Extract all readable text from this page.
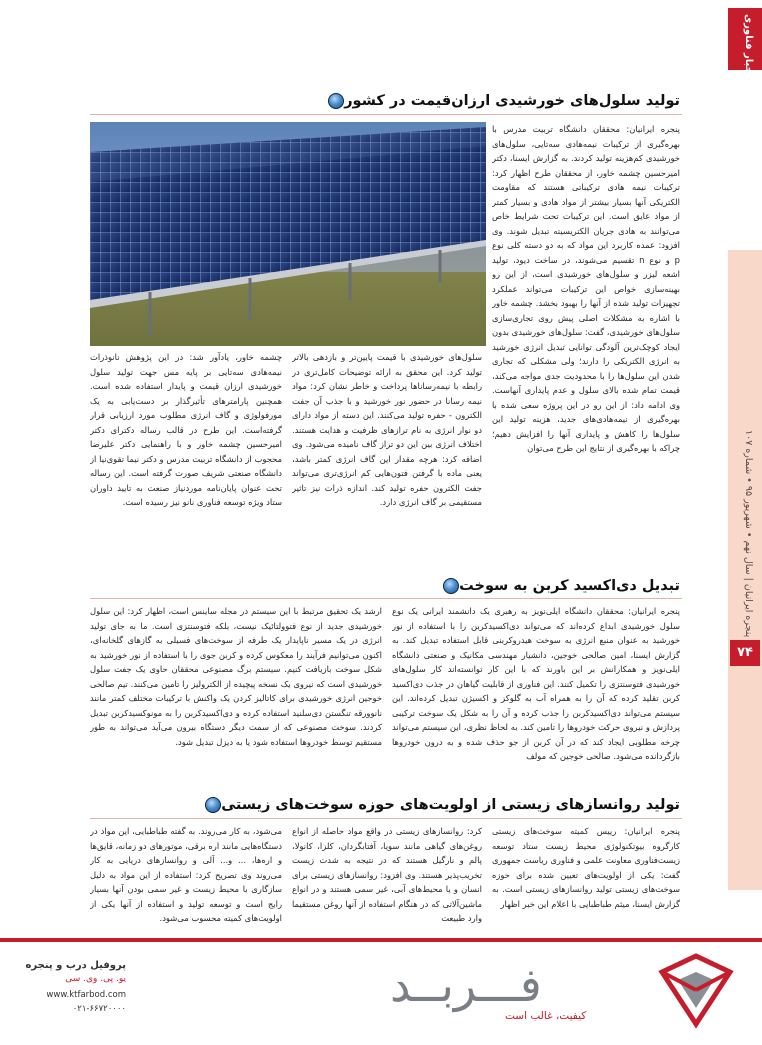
اخبار فناوری
پنجره ایرانیان | سال نهم • شهریور ۹۵ • شماره ۱۰۷
۷۴
تولید سلول‌های خورشیدی ارزان‌قیمت در کشور

پنجره ایرانیان: محققان دانشگاه تربیت مدرس با بهره‌گیری از ترکیبات نیمه‌هادی سه‌تایی، سلول‌های خورشیدی کم‌هزینه تولید کردند. به گزارش ایسنا، دکتر امیرحسین چشمه خاور، از محققان طرح اظهار کرد: ترکیبات نیمه هادی ترکیباتی هستند که مقاومت الکتریکی آنها بسیار بیشتر از مواد هادی و بسیار کمتر از مواد عایق است. این ترکیبات تحت شرایط خاص می‌توانند به هادی جریان الکتریسیته تبدیل شوند. وی افزود: عمده کاربرد این مواد که به دو دسته کلی نوع p و نوع n تقسیم می‌شوند، در ساخت دیود، تولید اشعه لیزر و سلول‌های خورشیدی است، از این رو بهینه‌سازی خواص این ترکیبات می‌تواند عملکرد تجهیزات تولید شده از آنها را بهبود بخشد. چشمه خاور با اشاره به مشکلات اصلی پیش روی تجاری‌سازی سلول‌های خورشیدی، گفت: سلول‌های خورشیدی بدون ایجاد کوچک‌ترین آلودگی توانایی تبدیل انرژی خورشید به انرژی الکتریکی را دارند؛ ولی مشکلی که تجاری شدن این سلول‌ها را با محدودیت جدی مواجه می‌کند، قیمت تمام شده بالای سلول و عدم پایداری آنهاست. وی ادامه داد: از این رو در این پروژه سعی شده با بهره‌گیری از نیمه‌هادی‌های جدید، هزینه تولید این سلول‌ها را کاهش و پایداری آنها را افزایش دهیم؛ چراکه با بهره‌گیری از نتایج این طرح می‌توان

سلول‌های خورشیدی با قیمت پایین‌تر و بازدهی بالاتر تولید کرد. این محقق به ارائه توضیحات کامل‌تری در رابطه با نیمه‌رساناها پرداخت و خاطر نشان کرد: مواد نیمه رسانا در حضور نور خورشید و با جذب آن جفت الکترون - حفره تولید می‌کنند. این دسته از مواد دارای دو نوار انرژی به نام ترازهای ظرفیت و هدایت هستند. اختلاف انرژی بین این دو تراز گاف نامیده می‌شود. وی اضافه کرد: هرچه مقدار این گاف انرژی کمتر باشد، یعنی ماده با گرفتن فتون‌هایی کم انرژی‌تری می‌تواند جفت الکترون حفره تولید کند. اندازه ذرات نیز تاثیر مستقیمی بر گاف انرژی دارد.

چشمه خاور، یادآور شد: در این پژوهش نانوذرات نیمه‌هادی سه‌تایی بر پایه مس جهت تولید سلول خورشیدی ارزان قیمت و پایدار استفاده شده است. همچنین پارامترهای تأثیرگذار بر دست‌یابی به یک مورفولوژی و گاف انرژی مطلوب مورد ارزیابی قرار گرفته‌است. این طرح در قالب رساله دکترای دکتر امیرحسین چشمه خاور و با راهنمایی دکتر علیرضا محجوب از دانشگاه تربیت مدرس و دکتر نیما تقوی‌نیا از دانشگاه صنعتی شریف صورت گرفته است. این رساله تحت عنوان پایان‌نامه موردنیاز صنعت به تایید داوران ستاد ویژه توسعه فناوری نانو نیز رسیده است.

تبدیل دی‌اکسید کربن به سوخت

پنجره ایرانیان: محققان دانشگاه ایلی‌نویز به رهبری یک دانشمند ایرانی یک نوع سلول خورشیدی ابداع کرده‌اند که می‌تواند دی‌اکسیدکربن را با استفاده از نور خورشید به عنوان منبع انرژی به سوخت هیدروکربنی قابل استفاده تبدیل کند. به گزارش ایسنا، امین صالحی خوجین، دانشیار مهندسی مکانیک و صنعتی دانشگاه ایلی‌نویز و همکارانش بر این باورند که با این کار توانسته‌اند کار سلول‌های خورشیدی فتوسنتزی را تکمیل کنند. این فناوری از قابلیت گیاهان در جذب دی‌اکسید کربن تقلید کرده که آن را به همراه آب به گلوکز و اکسیژن تبدیل کرده‌اند. این سیستم می‌تواند دی‌اکسیدکربن را جذب کرده و آن را به شکل یک سوخت ترکیبی پردازش و نیروی حرکت خودروها را تامین کند. به لحاظ نظری، این سیستم می‌تواند چرخه مطلوبی ایجاد کند که در آن کربن از جو حذف شده و به درون خودروها بازگردانده می‌شود. صالحی خوجین که مولف

ارشد یک تحقیق مرتبط با این سیستم در مجله ساینس است، اظهار کرد: این سلول خورشیدی جدید از نوع فتوولتائیک نیست، بلکه فتوسنتزی است. ما به جای تولید انرژی در یک مسیر ناپایدار یک طرفه از سوخت‌های فسیلی به گازهای گلخانه‌ای، اکنون می‌توانیم فرآیند را معکوس کرده و کربن جوی را با استفاده از نور خورشید به شکل سوخت بازیافت کنیم. سیستم برگ مصنوعی محققان حاوی یک جفت سلول خورشیدی است که نیروی یک نسخه پیچیده از الکترولیز را تامین می‌کنند. تیم صالحی خوجین انرژی خورشیدی برای کاتالیز کردن یک واکنش با ترکیبات مختلف کمتر مانند نانوورقه تنگستن دی‌سلنید استفاده کرده و دی‌اکسیدکربن را به مونوکسیدکربن تبدیل کردند. سوخت مصنوعی که از سمت دیگر دستگاه بیرون می‌آید می‌تواند به طور مستقیم توسط خودرو‌ها استفاده شود یا به دیزل تبدیل شود.

تولید روانسازهای زیستی از اولویت‌های حوزه سوخت‌های زیستی

پنجره ایرانیان: رییس کمیته سوخت‌های زیستی کارگروه بیوتکنولوژی محیط زیست ستاد توسعه زیست‌فناوری معاونت علمی و فناوری ریاست جمهوری گفت: یکی از اولویت‌های تعیین شده برای حوزه سوخت‌های زیستی تولید روانسازهای زیستی است. به گزارش ایسنا، میثم طباطبایی با اعلام این خبر اظهار

کرد: روانسازهای زیستی در واقع مواد حاصله از انواع روغن‌های گیاهی مانند سویا، آفتابگردان، کلزا، کانولا، پالم و نارگیل هستند که در نتیجه به شدت زیست تخریب‌پذیر هستند. وی افزود: روانسازهای زیستی برای انسان و یا محیط‌های آبی، غیر سمی هستند و در انواع ماشین‌آلاتی که در هنگام استفاده از آنها روغن مستقیما وارد طبیعت

می‌شود، به کار می‌روند. به گفته طباطبایی، این مواد در دستگاه‌هایی مانند اره برقی، موتورهای دو زمانه، قایق‌ها و اره‌ها، ... و... آلی و روانسازهای دریایی به کار می‌روند وی تصریح کرد: استفاده از این مواد به دلیل سازگاری با محیط زیست و غیر سمی بودن آنها بسیار رایج است و توسعه تولید و استفاده از آنها یکی از اولویت‌های کمیته محسوب می‌شود.

فـــربــد
کیفیت، غالب است
پروفیل درب و پنجره
یو. پی. وی. سی
www.ktfarbod.com
۰۲۱-۶۶۷۲۰۰۰۰
